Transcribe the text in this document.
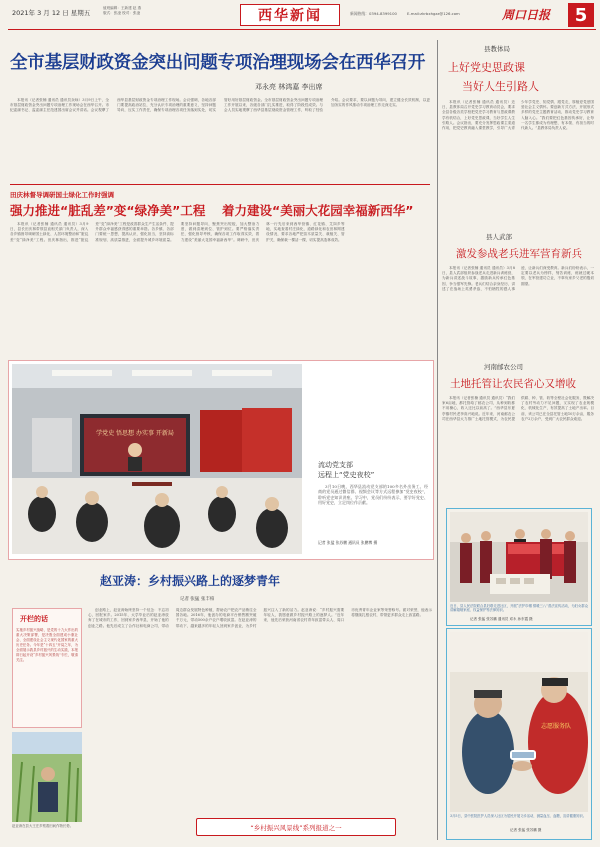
2021年 3 月 12 日 星期五
值班编辑：王新建 赵 燕
版式：张凌 校对：张凌	西华新闻	新闻热线：0394-8399100	E-mail:zkrbxhgzz@126.com	周口日报 5
全市基层财政资金突出问题专项治理现场会在西华召开
邓永亮 林鸿嘉 李出席

本报讯（记者张楠 通讯员 通讯员卖咏）3月9日上午，全市基层财政资金突出问题专项治理工作现场会在西华召开。市纪委副书记、监委副主任范建国出席会议并讲话。会议观摩了西华县基层财政资金专项治理工作现场。会议强调，各地各部门要提高政治站位，充分认识专项治理的重要意义，坚持问题导向，压实工作责任，确保专项治理各项任务落到实处，切实管好用好基层财政资金。全市基层财政资金突出问题专项治理工作开展以来，各级各部门扎实推进，取得了阶段性成效。与会人员实地观摩了西华县基层财政资金管理工作，听取了经验介绍。会议要求，要以问题为导向，建立健全长效机制，以更加务实的作风推动专项治理工作走深走实。

田庆林督导调研国土绿化工作时强调
强力推进“脏乱差”变“绿净美”工程 着力建设“美丽大花园幸福新西华”

本报讯（记者张楠 通讯员 通讯员）3月9日，县长田庆林带领县直相关部门负责人，深入各乡镇督导调研国土绿化、人居环境整治和“脏乱差”变“绿净美”工程。田庆林指出，推进“脏乱差”变“绿净美”工程是改善群众生产生活条件、提升群众幸福感获得感的重要举措。各乡镇、各部门要统一思想，提高认识，强化担当，坚持高标准规划、高质量推进，全面提升城乡环境质量。要坚持问题导向，聚焦突出短板，加大整治力度，做到清理到位、管护到位。要严格落实责任，强化督导考核，确保各项工作取得实效，着力建设“美丽大花园幸福新西华”。调研中，田庆林一行先后来到西华营镇、红花镇、艾岗乡等地，实地查看村庄绿化、道路绿化和农田林网建设情况，要求各地严把苗木质量关、栽植关、管护关，确保栽一棵活一棵，切实提高造林成效。

学党史 悟思想 办实事 开新局
流动党支部
远程上“党史夜校”
3月10日晚，西华县流动党支部的100多名外出务工、经商的党员通过微信群、视频会议等方式远程参加“党史夜校”，聆听党史知识讲座。学习中，党员们纷纷表示，要学好党史、用好党史，立足岗位作贡献。
记者 张猛 张苏鹏 通讯员 张鹏博 摄
赵亚涛：乡村振兴路上的逐梦青年
记者 张猛 张丰柏
开栏的话
实施乡村振兴战略，是党的十九大作出的重大决策部署，是决胜全面建成小康社会、全面建设社会主义现代化国家的重大历史任务。今年是“十四五”开局之年，为全面展示我县乡村振兴的生动实践，本报即日起开设“乡村振兴风景线”专栏，敬请关注。
赵亚涛在县大王庄乡察看田间作物长势。

创业路上，赵亚涛始终坚持一个信念：不忘初心，回报家乡。2015年，大学毕业后的赵亚涛放弃了在城市的工作，回到家乡西华县，开始了他的创业之路。他先后成立了合作社和电商公司，带动周边群众发展特色种植，帮助农户把农产品销往全国各地。2016年，他创办的电商平台销售额突破千万元，带动500余户农户增收致富。在赵亚涛的带动下，越来越多的年轻人回到家乡创业，为乡村振兴注入了新的活力。赵亚涛说：“乡村振兴需要年轻人，我愿意做乡村振兴路上的逐梦人。”近年来，他先后荣获河南省农村青年致富带头人、周口市优秀青年企业家等荣誉称号。面对荣誉，他表示将继续扎根农村，带领更多群众走上致富路。

“乡村振兴风景线”系列报道之一
县教体局
上好党史思政课
当好人生引路人

本报讯（记者张楠 通讯员 通讯员）近日，县教体局召开党史学习教育动员会，要求全县各级各类学校把党史学习教育与思政课教学有机结合，上好党史思政课，当好学生人生引路人。会议指出，要充分发挥思政课主渠道作用，把党史教育融入课堂教学，引导广大青少年学党史、知党情、跟党走，厚植爱党爱国爱社会主义情怀。要创新方式方法，开展形式多样的党史主题教育活动，推动党史学习教育入脑入心。“我们要把红色基因传承好，让每一名学生都成为有理想、有本领、有担当的时代新人。”县教体局负责人说。

县人武部
激发参战老兵进军营育新兵

本报讯（记者张楠 通讯员 通讯员）3月8日，县人武部组织参战老兵走进新兵训练营，为新兵讲述战斗故事，激励新兵传承红色基因、争当强军先锋。老兵们结合亲身经历，讲述了在战场上英勇杀敌、不怕牺牲的感人事迹，让新兵们深受教育。新兵们纷纷表示，一定要以老兵为榜样，刻苦训练，练就过硬本领，在军营建功立业，不辜负家乡父老的殷切期望。

河南邮农公司
土地托管让农民省心又增收

本报讯（记者张楠 通讯员 通讯员）“我们家6亩地，都托管给了邮农公司，从种到收都不用操心，收入还比以前高了。”西华县东夏亭镇村民老李高兴地说。近年来，河南邮农公司在西华县大力推广土地托管模式，为农民提供耕、种、管、收等全程社会化服务，既解决了农村劳动力不足问题，又实现了农业规模化、机械化生产，有效提高了土地产出率。目前，该公司已在全县托管土地10万余亩，服务农户2万余户，受到广大农民群众欢迎。

近日，县人民法院联合县妇联走进社区，开展“法护巾帼 情暖三八”普法宣传活动，为妇女群众讲解婚姻家庭、权益保护等法律知识。
记者 张猛 张苏鹏 通讯员 邓永 孙东霞 摄
志愿服务队
3月5日，县中医院医护人员深入社区为居民开展义诊活动，测量血压、血糖，宣讲健康知识。
记者 张猛 张苏鹏 摄
